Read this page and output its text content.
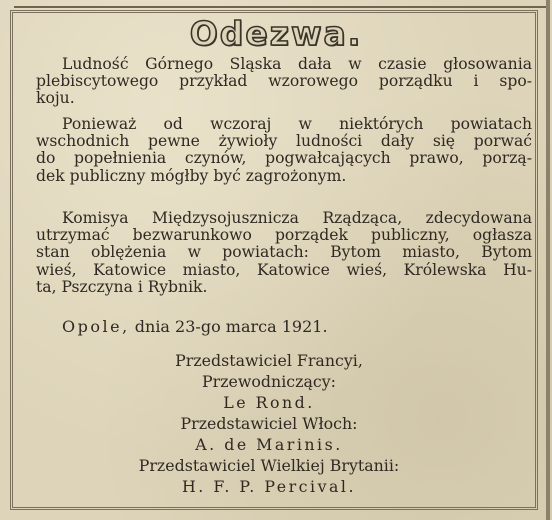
Odezwa.
Ludność Górnego Śląska dała w czasie głosowania
plebiscytowego przykład wzorowego porządku i spo-
koju.
Ponieważ od wczoraj w niektórych powiatach
wschodnich pewne żywioły ludności dały się porwać
do popełnienia czynów, pogwałcających prawo, porzą-
dek publiczny mógłby być zagrożonym.
Komisya Międzysojusznicza Rządząca, zdecydowana
utrzymać bezwarunkowo porządek publiczny, ogłasza
stan oblężenia w powiatach: Bytom miasto, Bytom
wieś, Katowice miasto, Katowice wieś, Królewska Hu-
ta, Pszczyna i Rybnik.
Opole, dnia 23-go marca 1921.
Przedstawiciel Francyi,
Przewodniczący:
Le Rond.
Przedstawiciel Włoch:
A. de Marinis.
Przedstawiciel Wielkiej Brytanii:
H. F. P. Percival.
